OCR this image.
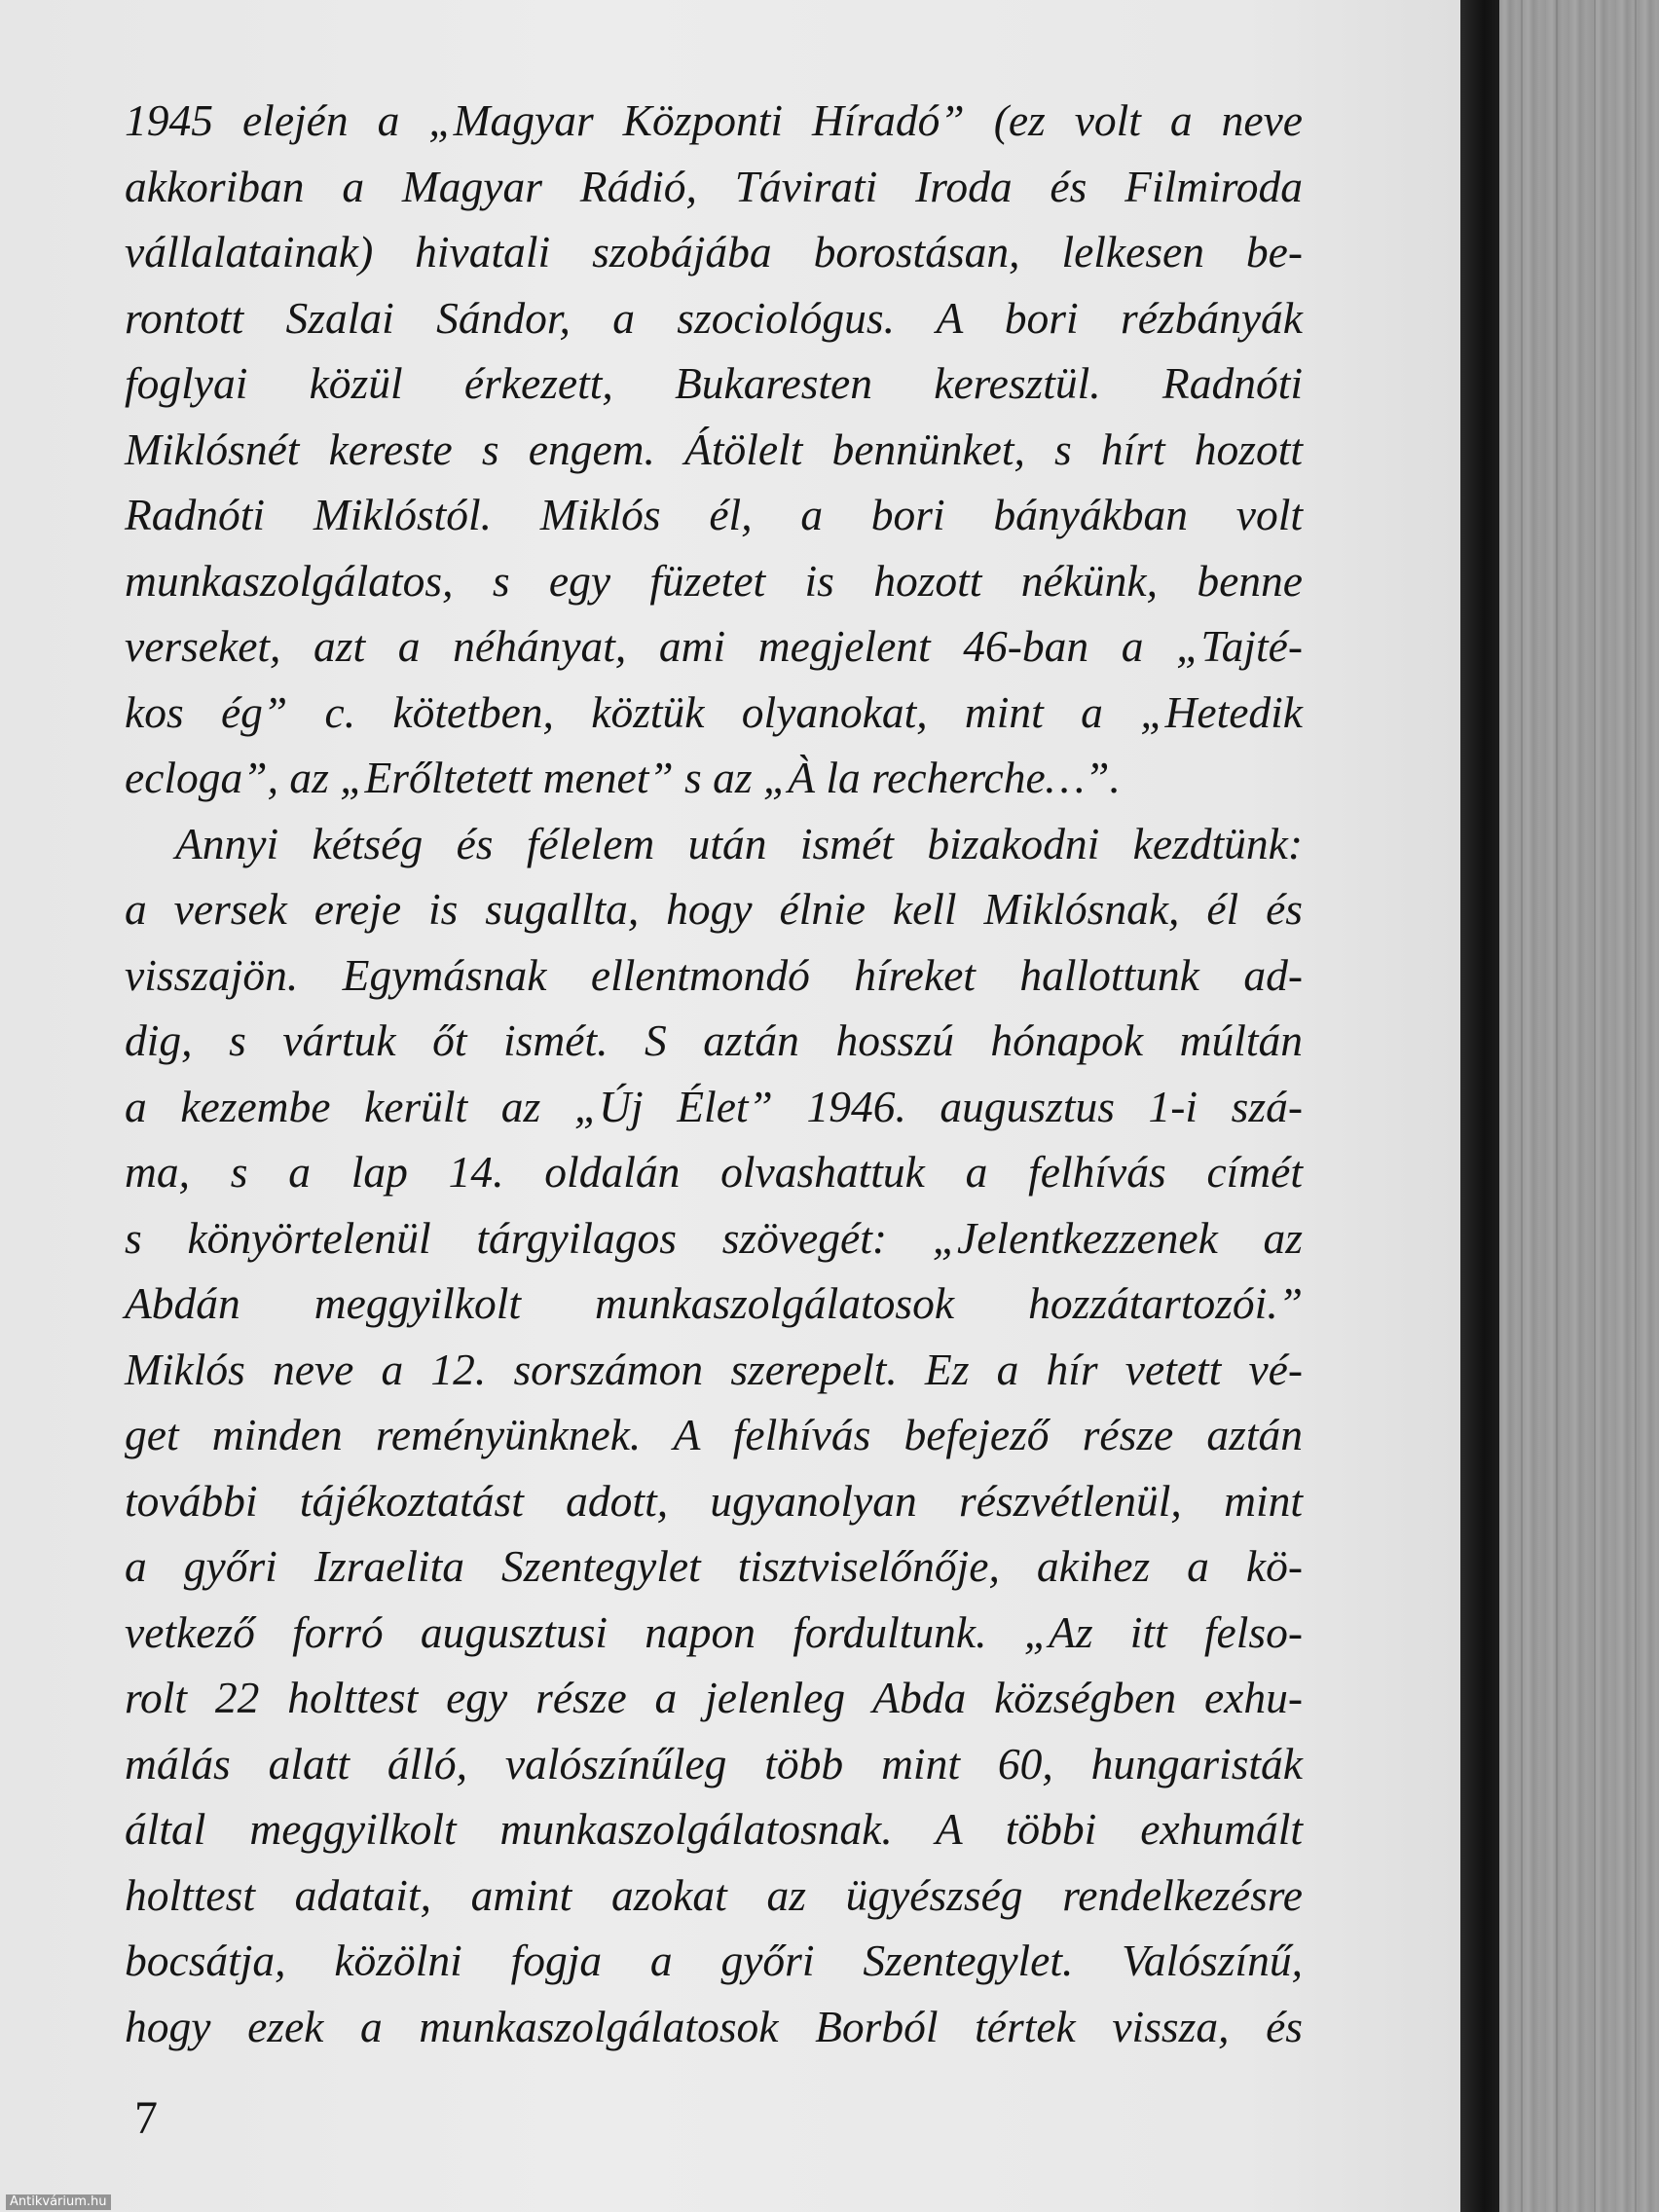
1945 elején a „Magyar Központi Híradó” (ez volt a neve
akkoriban a Magyar Rádió, Távirati Iroda és Filmiroda
vállalatainak) hivatali szobájába borostásan, lelkesen be-
rontott Szalai Sándor, a szociológus. A bori rézbányák
foglyai közül érkezett, Bukaresten keresztül. Radnóti
Miklósnét kereste s engem. Átölelt bennünket, s hírt hozott
Radnóti Miklóstól. Miklós él, a bori bányákban volt
munkaszolgálatos, s egy füzetet is hozott nékünk, benne
verseket, azt a néhányat, ami megjelent 46-ban a „Tajté-
kos ég” c. kötetben, köztük olyanokat, mint a „Hetedik
ecloga”, az „Erőltetett menet” s az „À la recherche…”.
Annyi kétség és félelem után ismét bizakodni kezdtünk:
a versek ereje is sugallta, hogy élnie kell Miklósnak, él és
visszajön. Egymásnak ellentmondó híreket hallottunk ad-
dig, s vártuk őt ismét. S aztán hosszú hónapok múltán
a kezembe került az „Új Élet” 1946. augusztus 1-i szá-
ma, s a lap 14. oldalán olvashattuk a felhívás címét
s könyörtelenül tárgyilagos szövegét: „Jelentkezzenek az
Abdán meggyilkolt munkaszolgálatosok hozzátartozói.”
Miklós neve a 12. sorszámon szerepelt. Ez a hír vetett vé-
get minden reményünknek. A felhívás befejező része aztán
további tájékoztatást adott, ugyanolyan részvétlenül, mint
a győri Izraelita Szentegylet tisztviselőnője, akihez a kö-
vetkező forró augusztusi napon fordultunk. „Az itt felso-
rolt 22 holttest egy része a jelenleg Abda községben exhu-
málás alatt álló, valószínűleg több mint 60, hungaristák
által meggyilkolt munkaszolgálatosnak. A többi exhumált
holttest adatait, amint azokat az ügyészség rendelkezésre
bocsátja, közölni fogja a győri Szentegylet. Valószínű,
hogy ezek a munkaszolgálatosok Borból tértek vissza, és
7
Antikvárium.hu
